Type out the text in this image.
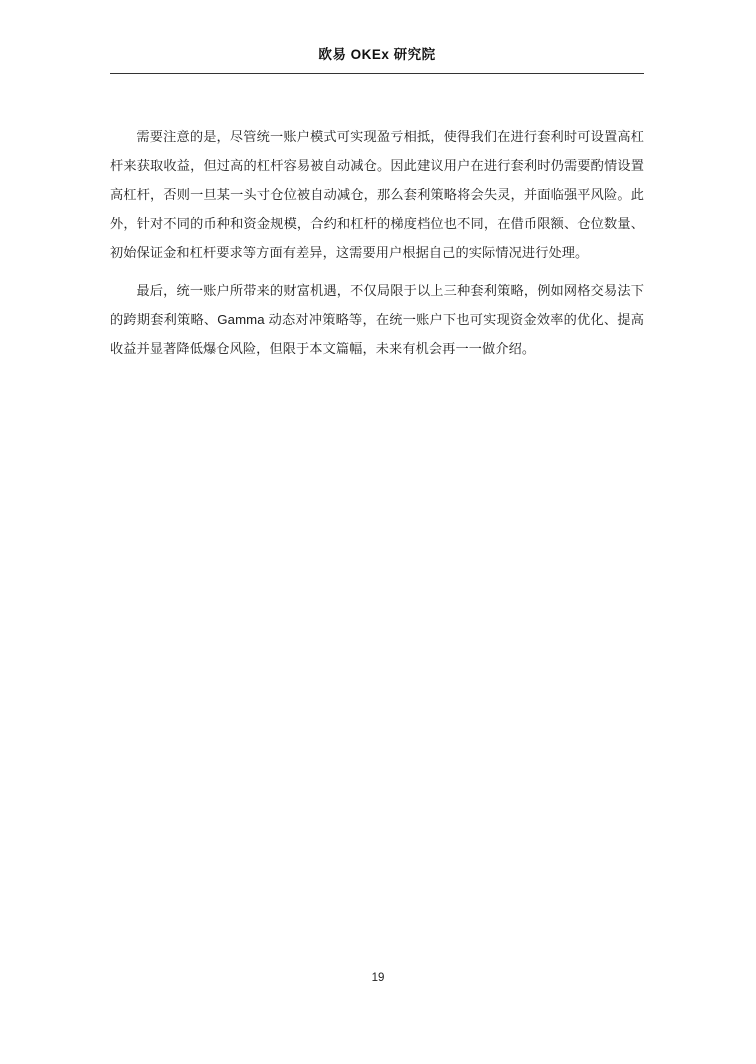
欧易 OKEx 研究院

需要注意的是，尽管统一账户模式可实现盈亏相抵，使得我们在进行套利时可设置高杠杆来获取收益，但过高的杠杆容易被自动减仓。因此建议用户在进行套利时仍需要酌情设置高杠杆，否则一旦某一头寸仓位被自动减仓，那么套利策略将会失灵，并面临强平风险。此外，针对不同的币种和资金规模，合约和杠杆的梯度档位也不同，在借币限额、仓位数量、初始保证金和杠杆要求等方面有差异，这需要用户根据自己的实际情况进行处理。

最后，统一账户所带来的财富机遇，不仅局限于以上三种套利策略，例如网格交易法下的跨期套利策略、Gamma 动态对冲策略等，在统一账户下也可实现资金效率的优化、提高收益并显著降低爆仓风险，但限于本文篇幅，未来有机会再一一做介绍。

19
